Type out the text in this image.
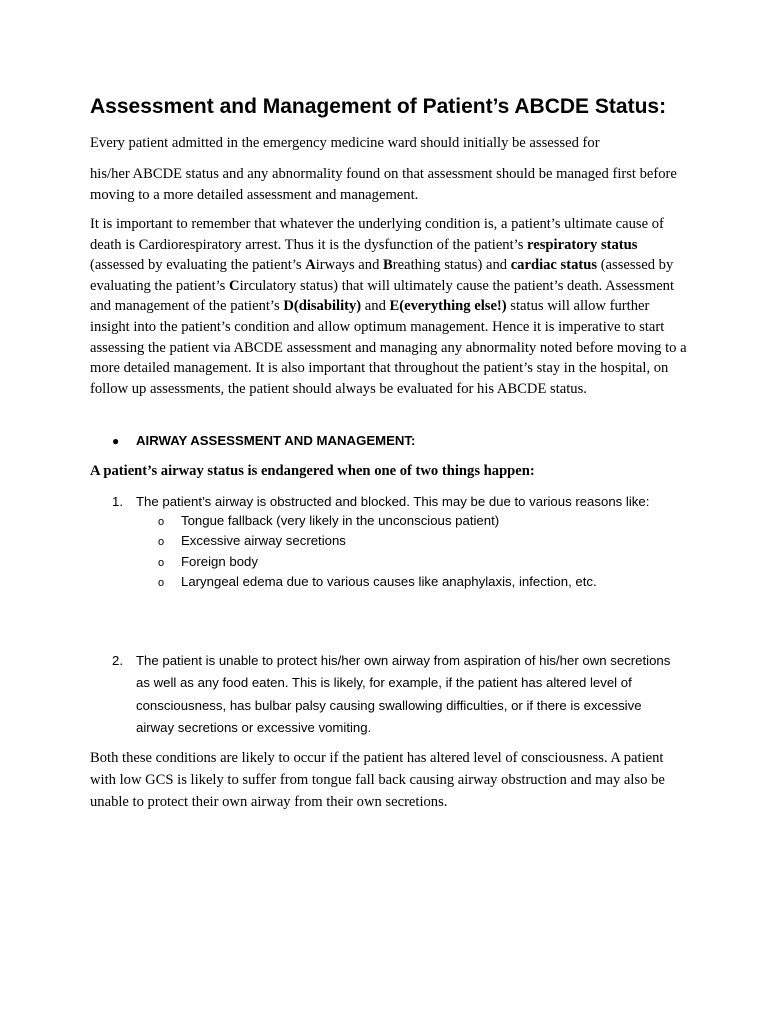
Assessment and Management of Patient’s ABCDE Status:

Every patient admitted in the emergency medicine ward should initially be assessed for

his/her ABCDE status and any abnormality found on that assessment should be managed first before moving to a more detailed assessment and management.

It is important to remember that whatever the underlying condition is, a patient’s ultimate cause of death is Cardiorespiratory arrest. Thus it is the dysfunction of the patient’s respiratory status (assessed by evaluating the patient’s Airways and Breathing status) and cardiac status (assessed by evaluating the patient’s Circulatory status) that will ultimately cause the patient’s death. Assessment and management of the patient’s D(disability) and E(everything else!) status will allow further insight into the patient’s condition and allow optimum management. Hence it is imperative to start assessing the patient via ABCDE assessment and managing any abnormality noted before moving to a more detailed management. It is also important that throughout the patient’s stay in the hospital, on follow up assessments, the patient should always be evaluated for his ABCDE status.

● AIRWAY ASSESSMENT AND MANAGEMENT:
A patient’s airway status is endangered when one of two things happen:
1. The patient’s airway is obstructed and blocked. This may be due to various reasons like:
o Tongue fallback (very likely in the unconscious patient)
o Excessive airway secretions
o Foreign body
o Laryngeal edema due to various causes like anaphylaxis, infection, etc.
2. The patient is unable to protect his/her own airway from aspiration of his/her own secretions as well as any food eaten. This is likely, for example, if the patient has altered level of consciousness, has bulbar palsy causing swallowing difficulties, or if there is excessive airway secretions or excessive vomiting.

Both these conditions are likely to occur if the patient has altered level of consciousness. A patient with low GCS is likely to suffer from tongue fall back causing airway obstruction and may also be unable to protect their own airway from their own secretions.
